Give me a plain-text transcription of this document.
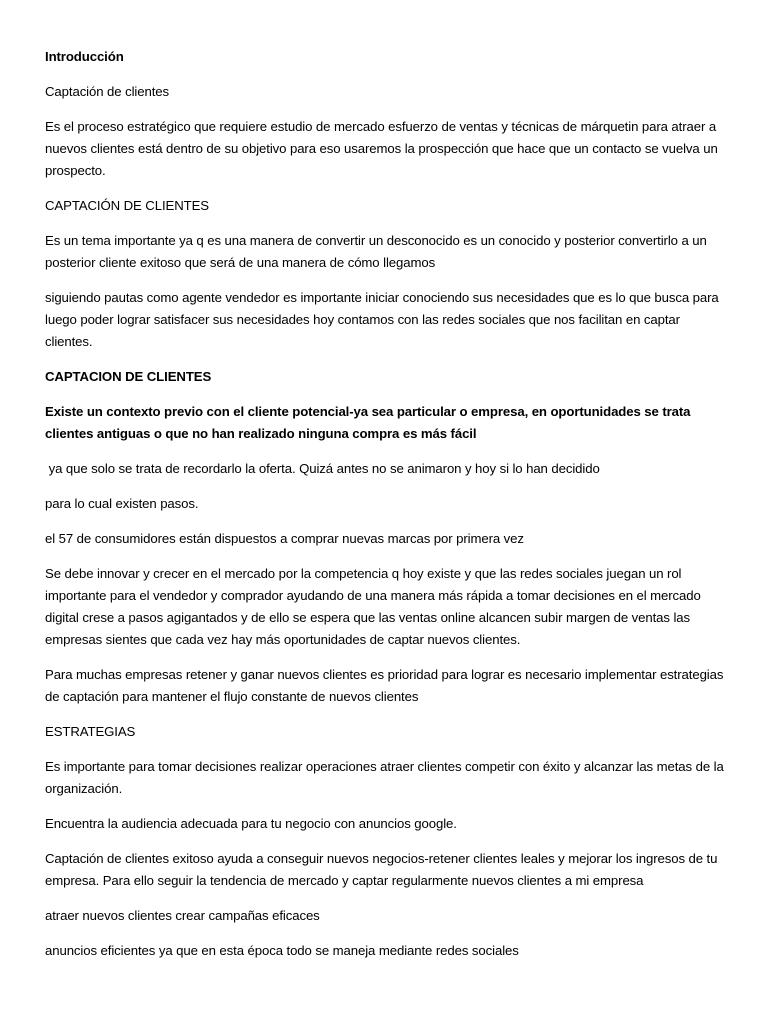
Introducción

Captación de clientes

Es el proceso estratégico que requiere estudio de mercado esfuerzo de ventas y técnicas de márquetin para atraer a nuevos clientes está dentro de su objetivo para eso usaremos la prospección que hace que un contacto se vuelva un prospecto.

CAPTACIÓN DE CLIENTES

Es un tema importante ya q es una manera de convertir un desconocido es un conocido y posterior convertirlo a un posterior cliente exitoso que será de una manera de cómo llegamos

siguiendo pautas como agente vendedor es importante iniciar conociendo sus necesidades que es lo que busca para luego poder lograr satisfacer sus necesidades hoy contamos con las redes sociales que nos facilitan en captar clientes.

CAPTACION DE CLIENTES

Existe un contexto previo con el cliente potencial-ya sea particular o empresa, en oportunidades se trata clientes antiguas o que no han realizado ninguna compra es más fácil

ya que solo se trata de recordarlo la oferta. Quizá antes no se animaron y hoy si lo han decidido

para lo cual existen pasos.

el 57 de consumidores están dispuestos a comprar nuevas marcas por primera vez

Se debe innovar y crecer en el mercado por la competencia q hoy existe y que las redes sociales juegan un rol importante para el vendedor y comprador ayudando de una manera más rápida a tomar decisiones en el mercado digital crese a pasos agigantados y de ello se espera que las ventas online alcancen subir margen de ventas las empresas sientes que cada vez hay más oportunidades de captar nuevos clientes.

Para muchas empresas retener y ganar nuevos clientes es prioridad para lograr es necesario implementar estrategias de captación para mantener el flujo constante de nuevos clientes

ESTRATEGIAS

Es importante para tomar decisiones realizar operaciones atraer clientes competir con éxito y alcanzar las metas de la organización.

Encuentra la audiencia adecuada para tu negocio con anuncios google.

Captación de clientes exitoso ayuda a conseguir nuevos negocios-retener clientes leales y mejorar los ingresos de tu empresa. Para ello seguir la tendencia de mercado y captar regularmente nuevos clientes a mi empresa

atraer nuevos clientes crear campañas eficaces

anuncios eficientes ya que en esta época todo se maneja mediante redes sociales
